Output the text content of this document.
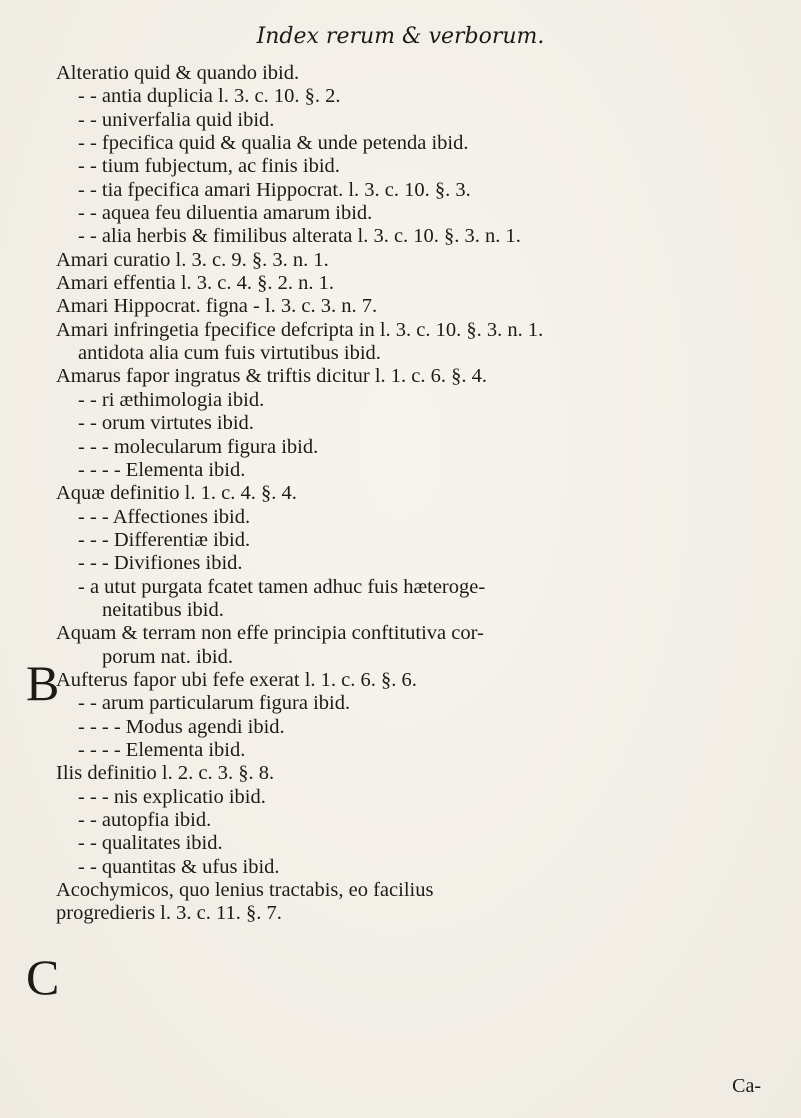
Index rerum & verborum.
B
C
Alteratio quid & quando ibid.
- - antia duplicia l. 3. c. 10. §. 2.
- - univerfalia quid ibid.
- - fpecifica quid & qualia & unde petenda ibid.
- - tium fubjectum, ac finis ibid.
- - tia fpecifica amari Hippocrat. l. 3. c. 10. §. 3.
- - aquea feu diluentia amarum ibid.
- - alia herbis & fimilibus alterata l. 3. c. 10. §. 3. n. 1.
Amari curatio l. 3. c. 9. §. 3. n. 1.
Amari effentia l. 3. c. 4. §. 2. n. 1.
Amari Hippocrat. figna - l. 3. c. 3. n. 7.
Amari infringetia fpecifice defcripta in l. 3. c. 10. §. 3. n. 1.
antidota alia cum fuis virtutibus ibid.
Amarus fapor ingratus & triftis dicitur l. 1. c. 6. §. 4.
- - ri æthimologia ibid.
- - orum virtutes ibid.
- - - molecularum figura ibid.
- - - - Elementa ibid.
Aquæ definitio l. 1. c. 4. §. 4.
- - - Affectiones ibid.
- - - Differentiæ ibid.
- - - Divifiones ibid.
- a utut purgata fcatet tamen adhuc fuis hæteroge-
neitatibus ibid.
Aquam & terram non effe principia conftitutiva cor-
porum nat. ibid.
Aufterus fapor ubi fefe exerat l. 1. c. 6. §. 6.
- - arum particularum figura ibid.
- - - - Modus agendi ibid.
- - - - Elementa ibid.
Ilis definitio l. 2. c. 3. §. 8.
- - - nis explicatio ibid.
- - autopfia ibid.
- - qualitates ibid.
- - quantitas & ufus ibid.
Acochymicos, quo lenius tractabis, eo facilius
progredieris l. 3. c. 11. §. 7.
Ca-
